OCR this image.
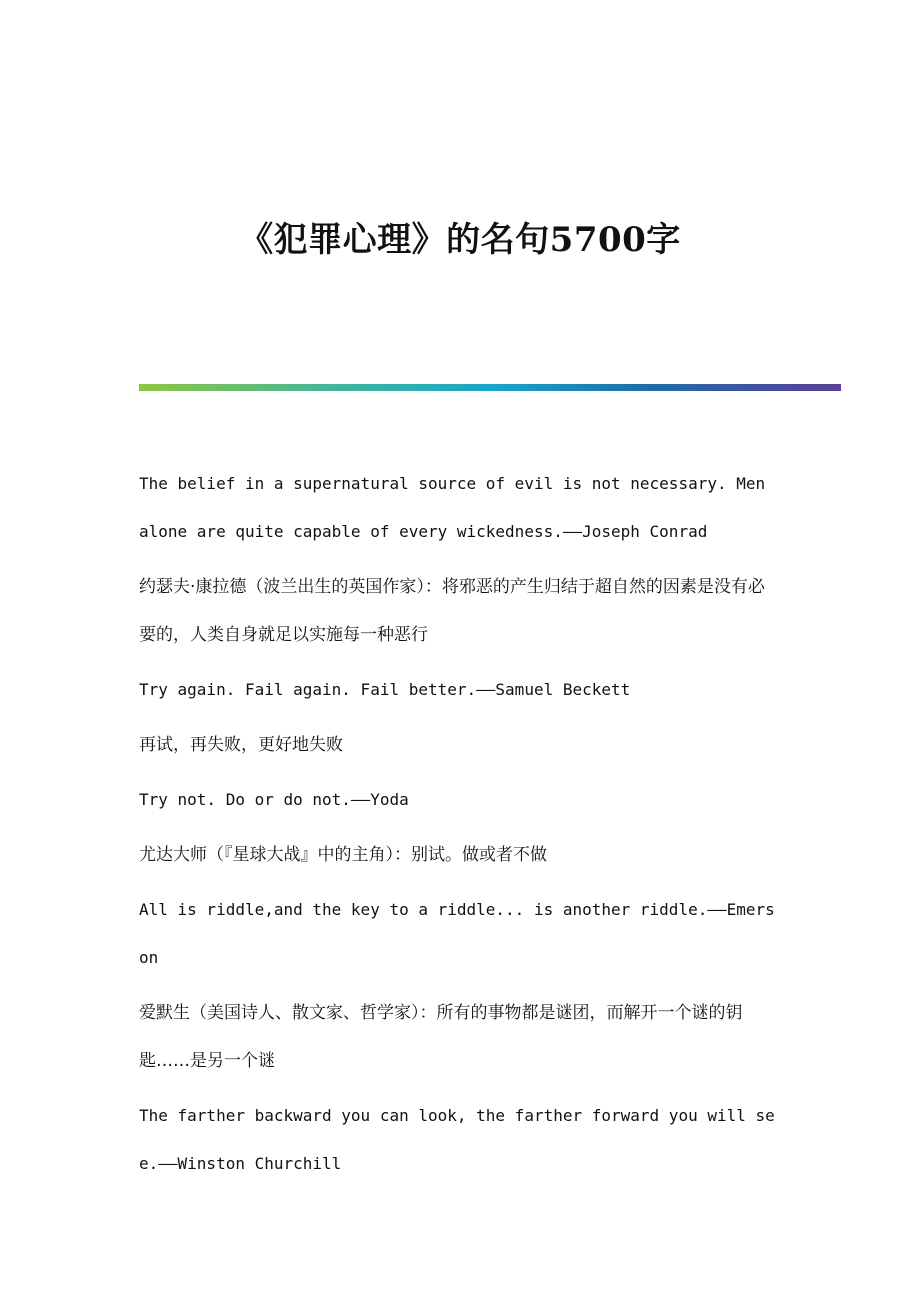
《犯罪心理》的名句5700字

The belief in a supernatural source of evil is not necessary. Men alone are quite capable of every wickedness.——Joseph Conrad

约瑟夫·康拉德（波兰出生的英国作家）：将邪恶的产生归结于超自然的因素是没有必要的，人类自身就足以实施每一种恶行

Try again. Fail again. Fail better.——Samuel Beckett

再试，再失败，更好地失败

Try not. Do or do not.——Yoda

尤达大师（『星球大战』中的主角）：别试。做或者不做

All is riddle,and the key to a riddle... is another riddle.——Emerson

爱默生（美国诗人、散文家、哲学家）：所有的事物都是谜团，而解开一个谜的钥匙……是另一个谜

The farther backward you can look, the farther forward you will see.——Winston Churchill
